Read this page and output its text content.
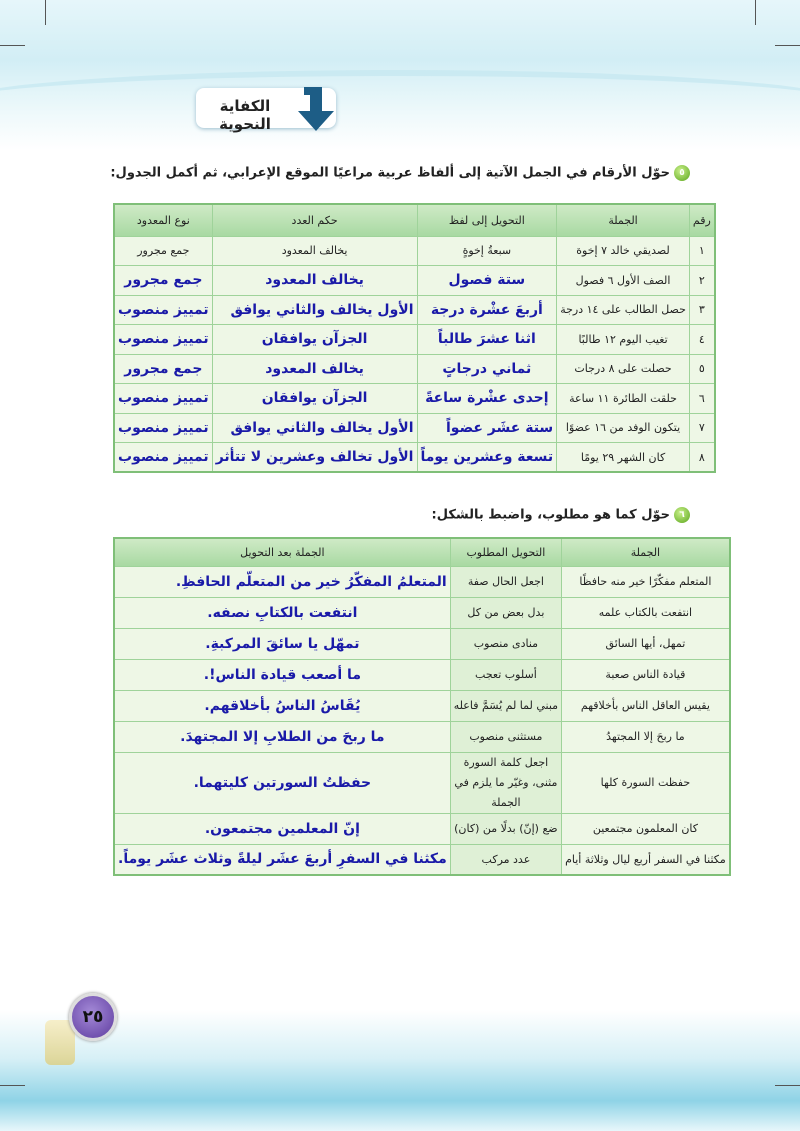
الكفاية النحوية
٥حوّل الأرقام في الجمل الآتية إلى ألفاظ عربية مراعيًا الموقع الإعرابي، ثم أكمل الجدول:
رقم	الجملة	التحويل إلى لفظ	حكم العدد	نوع المعدود
١	لصديقي خالد ٧ إخوة	سبعةُ إخوةٍ	يخالف المعدود	جمع مجرور
٢	الصف الأول ٦ فصول	ستة فصول	يخالف المعدود	جمع مجرور
٣	حصل الطالب على ١٤ درجة	أربعَ عشْرة درجة	الأول يخالف والثاني يوافق	تمييز منصوب
٤	تغيب اليوم ١٢ طالبًا	اثنا عشرَ طالباً	الجزآن يوافقان	تمييز منصوب
٥	حصلت على ٨ درجات	ثماني درجاتٍ	يخالف المعدود	جمع مجرور
٦	حلقت الطائرة ١١ ساعة	إحدى عشْرة ساعةً	الجزآن يوافقان	تمييز منصوب
٧	يتكون الوفد من ١٦ عضوًا	ستة عشَر عضواً	الأول يخالف والثاني يوافق	تمييز منصوب
٨	كان الشهر ٢٩ يومًا	تسعة وعشرين يوماً	الأول تخالف وعشرين لا تتأثر	تمييز منصوب
٦حوّل كما هو مطلوب، واضبط بالشكل:
الجملة	التحويل المطلوب	الجملة بعد التحويل
المتعلم مفكّرًا خير منه حافظًا	اجعل الحال صفة	المتعلمُ المفكّرُ خير من المتعلّم الحافظِ.
انتفعت بالكتاب علمه	بدل بعض من كل	انتفعت بالكتابِ نصفه.
تمهل، أيها السائق	منادى منصوب	تمهّل يا سائقَ المركبةِ.
قيادة الناس صعبة	أسلوب تعجب	ما أصعب قيادة الناس!.
يقيس العاقل الناس بأخلاقهم	مبني لما لم يُسَمَّ فاعله	يُقَاسُ الناسُ بأخلاقهم.
ما ربحَ إلا المجتهدُ	مستثنى منصوب	ما ربحَ من الطلابِ إلا المجتهدَ.
حفظت السورة كلها	اجعل كلمة السورة مثنى، وغيّر ما يلزم في الجملة	حفظتُ السورتين كليتهما.
كان المعلمون مجتمعين	ضع (إنّ) بدلًا من (كان)	إنّ المعلمين مجتمعون.
مكثنا في السفر أربع ليال وثلاثة أيام	عدد مركب	مكثنا في السفرِ أربعَ عشَر ليلةً وثلاث عشَر يوماً.
٢٥
